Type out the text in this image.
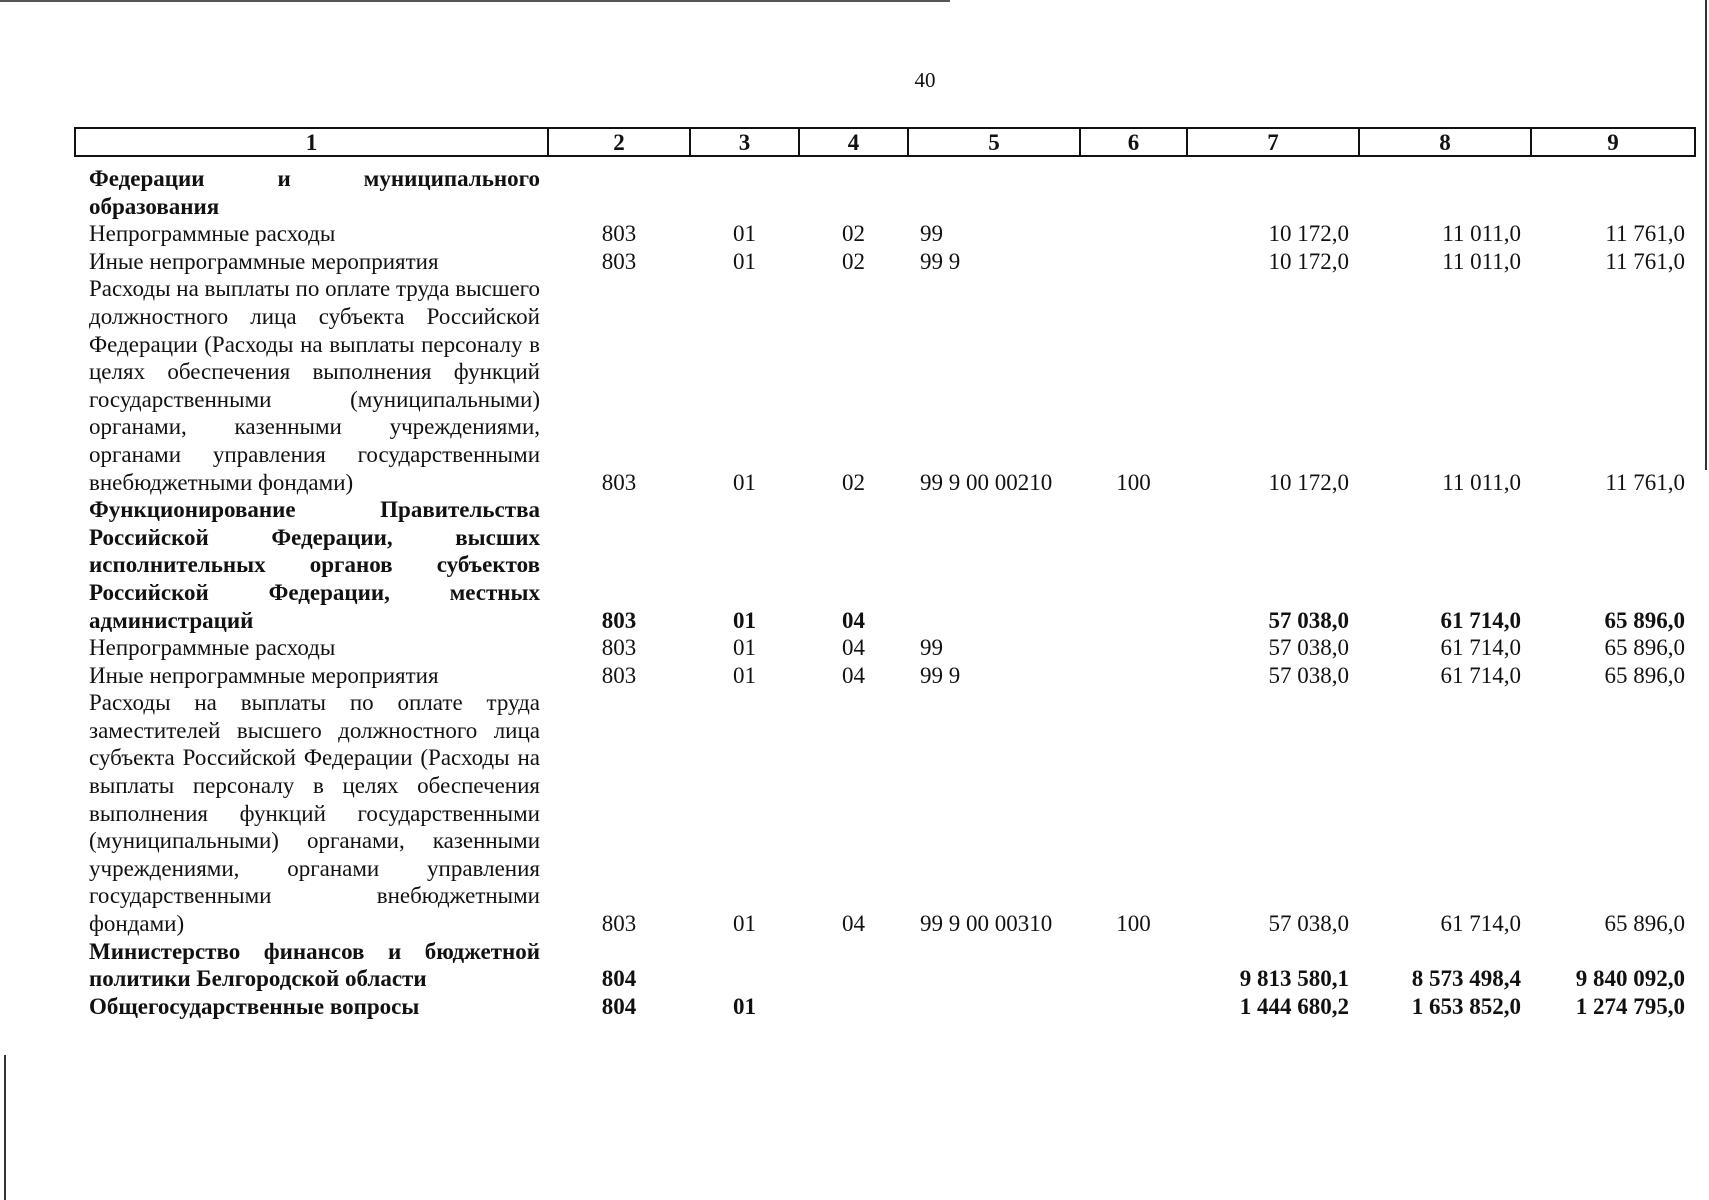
40
1	2	3	4	5	6	7	8	9
Федерации и муниципального образования								
Непрограммные расходы	803	01	02	99		10 172,0	11 011,0	11 761,0
Иные непрограммные мероприятия	803	01	02	99 9		10 172,0	11 011,0	11 761,0
Расходы на выплаты по оплате труда высшего должностного лица субъекта Российской Федерации (Расходы на выплаты персоналу в целях обеспечения выполнения функций государственными (муниципальными) органами, казенными учреждениями, органами управления государственными внебюджетными фондами)	803	01	02	99 9 00 00210	100	10 172,0	11 011,0	11 761,0
Функционирование Правительства Российской Федерации, высших исполнительных органов субъектов Российской Федерации, местных администраций	803	01	04			57 038,0	61 714,0	65 896,0
Непрограммные расходы	803	01	04	99		57 038,0	61 714,0	65 896,0
Иные непрограммные мероприятия	803	01	04	99 9		57 038,0	61 714,0	65 896,0
Расходы на выплаты по оплате труда заместителей высшего должностного лица субъекта Российской Федерации (Расходы на выплаты персоналу в целях обеспечения выполнения функций государственными (муниципальными) органами, казенными учреждениями, органами управления государственными внебюджетными фондами)	803	01	04	99 9 00 00310	100	57 038,0	61 714,0	65 896,0
Министерство финансов и бюджетной политики Белгородской области	804					9 813 580,1	8 573 498,4	9 840 092,0
Общегосударственные вопросы	804	01				1 444 680,2	1 653 852,0	1 274 795,0
